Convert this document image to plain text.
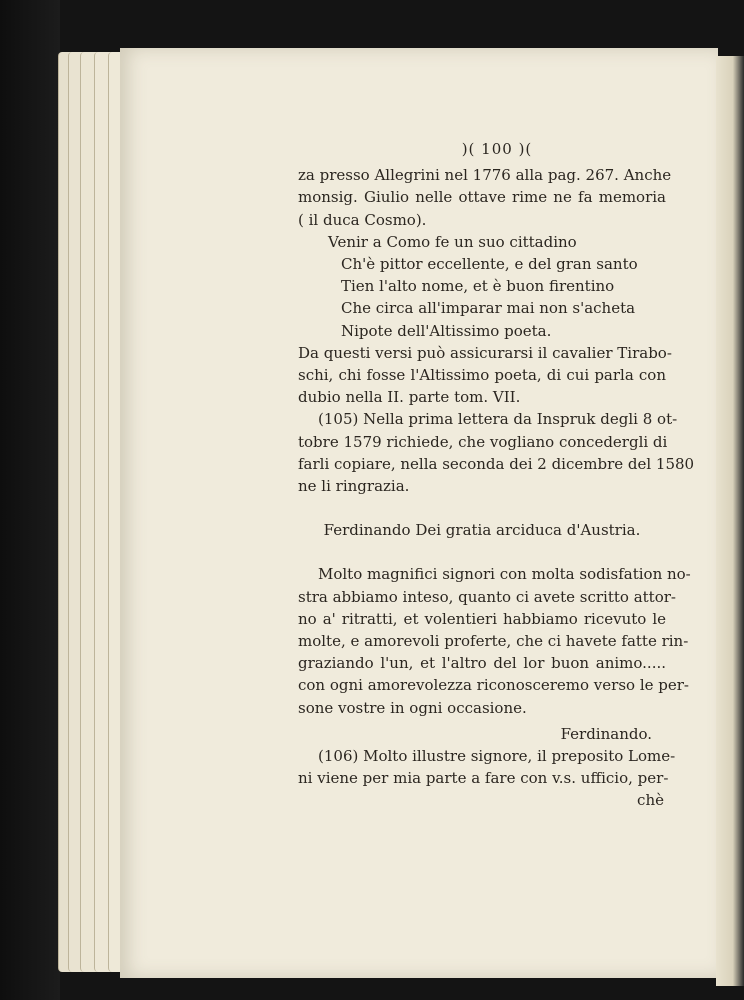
)( 100 )(
za presso Allegrini nel 1776 alla pag. 267. Anche
monsig. Giulio nelle ottave rime ne fa memoria
( il duca Cosmo).
Venir a Como fe un suo cittadino
Ch'è pittor eccellente, e del gran santo
Tien l'alto nome, et è buon firentino
Che circa all'imparar mai non s'acheta
Nipote dell'Altissimo poeta.
Da questi versi può assicurarsi il cavalier Tirabo-
schi, chi fosse l'Altissimo poeta, di cui parla con
dubio nella II. parte tom. VII.
(105) Nella prima lettera da Inspruk degli 8 ot-
tobre 1579 richiede, che vogliano concedergli di
farli copiare, nella seconda dei 2 dicembre del 1580
ne li ringrazia.
Ferdinando Dei gratia arciduca d'Austria.
Molto magnifici signori con molta sodisfation no-
stra abbiamo inteso, quanto ci avete scritto attor-
no a' ritratti, et volentieri habbiamo ricevuto le
molte, e amorevoli proferte, che ci havete fatte rin-
graziando l'un, et l'altro del lor buon animo.....
con ogni amorevolezza riconosceremo verso le per-
sone vostre in ogni occasione.
Ferdinando.
(106) Molto illustre signore, il preposito Lome-
ni viene per mia parte a fare con v.s. ufficio, per-
chè
